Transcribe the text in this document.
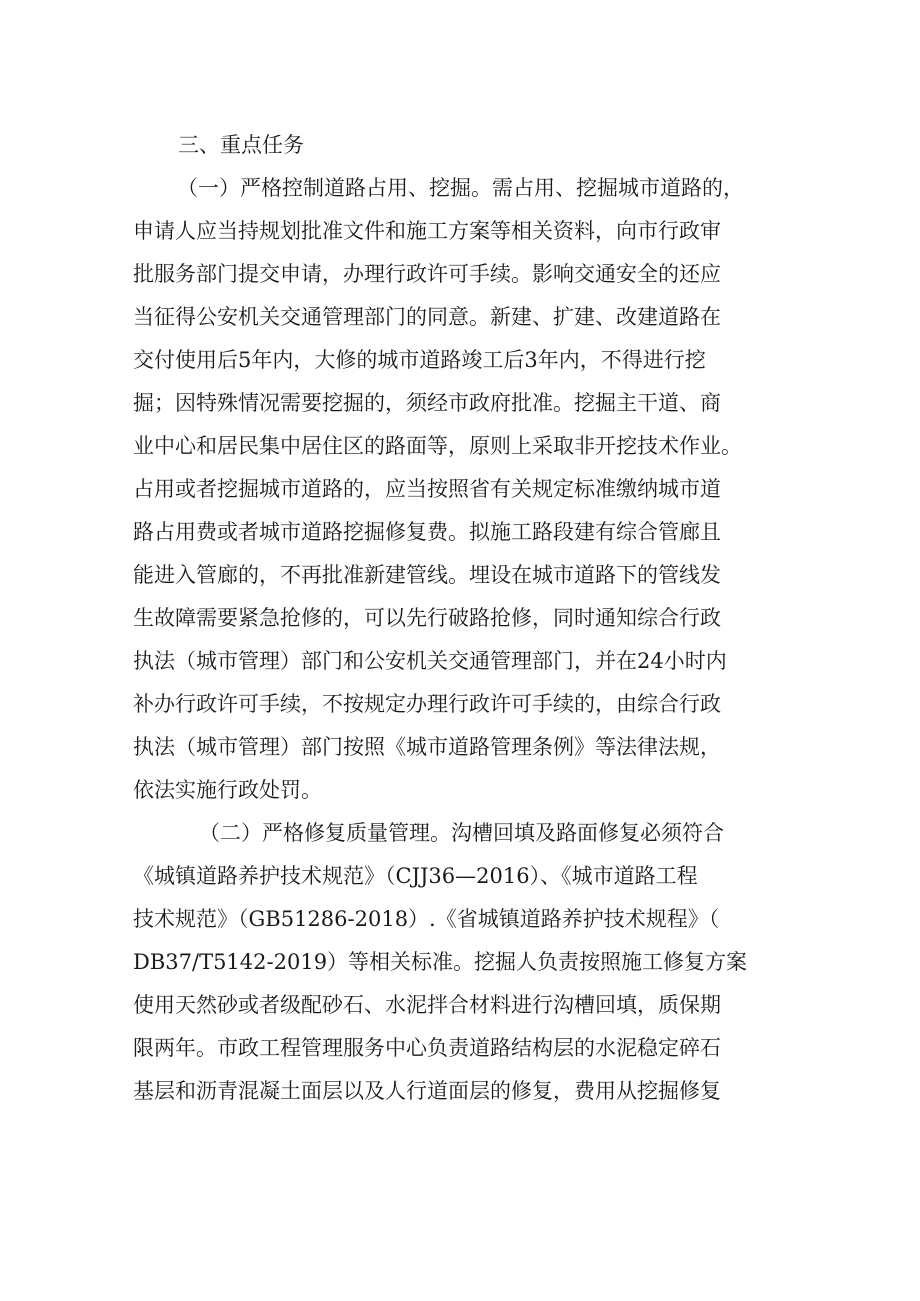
三、重点任务
（一）严格控制道路占用、挖掘。需占用、挖掘城市道路的，
申请人应当持规划批准文件和施工方案等相关资料，向市行政审
批服务部门提交申请，办理行政许可手续。影响交通安全的还应
当征得公安机关交通管理部门的同意。新建、扩建、改建道路在
交付使用后5年内，大修的城市道路竣工后3年内，不得进行挖
掘；因特殊情况需要挖掘的，须经市政府批准。挖掘主干道、商
业中心和居民集中居住区的路面等，原则上采取非开挖技术作业。
占用或者挖掘城市道路的，应当按照省有关规定标准缴纳城市道
路占用费或者城市道路挖掘修复费。拟施工路段建有综合管廊且
能进入管廊的，不再批准新建管线。埋设在城市道路下的管线发
生故障需要紧急抢修的，可以先行破路抢修，同时通知综合行政
执法（城市管理）部门和公安机关交通管理部门，并在24小时内
补办行政许可手续，不按规定办理行政许可手续的，由综合行政
执法（城市管理）部门按照《城市道路管理条例》等法律法规，
依法实施行政处罚。
（二）严格修复质量管理。沟槽回填及路面修复必须符合
《城镇道路养护技术规范》（CJJ36—2016）、《城市道路工程
技术规范》（GB51286-2018）.《省城镇道路养护技术规程》（
DB37/T5142-2019）等相关标准。挖掘人负责按照施工修复方案
使用天然砂或者级配砂石、水泥拌合材料进行沟槽回填，质保期
限两年。市政工程管理服务中心负责道路结构层的水泥稳定碎石
基层和沥青混凝土面层以及人行道面层的修复，费用从挖掘修复
